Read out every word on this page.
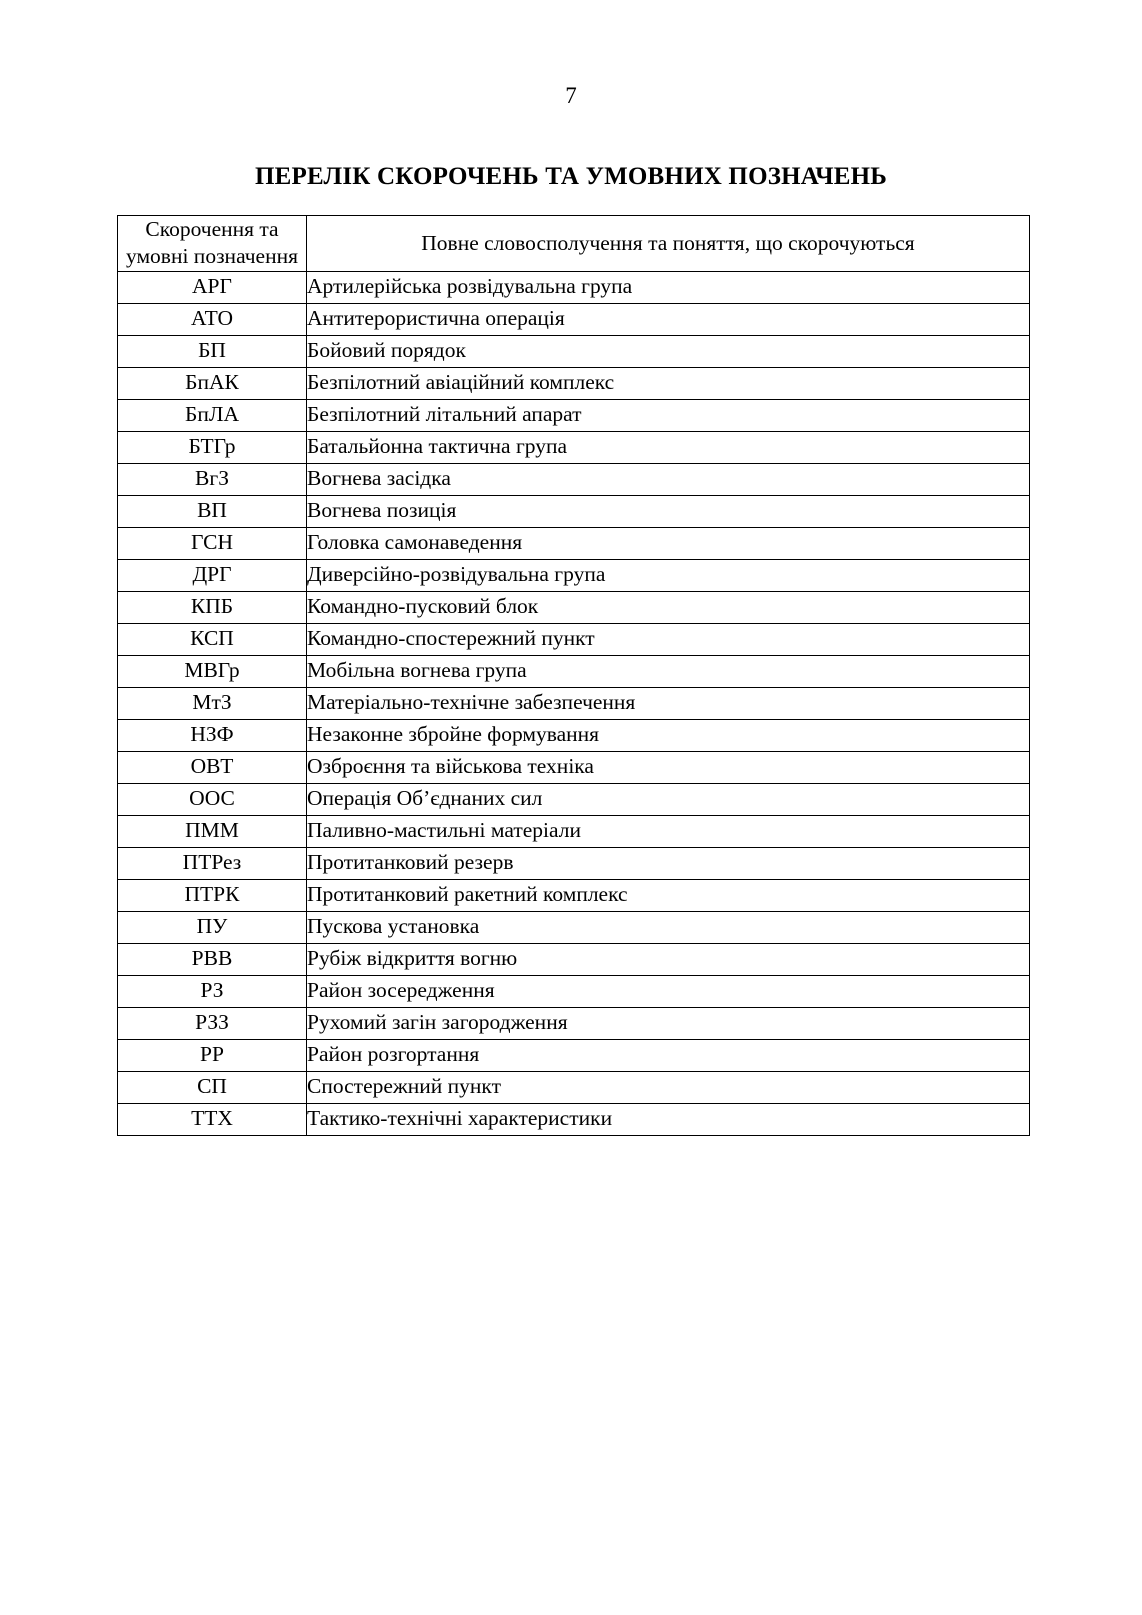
7
ПЕРЕЛІК СКОРОЧЕНЬ ТА УМОВНИХ ПОЗНАЧЕНЬ
Скорочення та умовні позначення	Повне словосполучення та поняття, що скорочуються
АРГ	Артилерійська розвідувальна група
АТО	Антитерористична операція
БП	Бойовий порядок
БпАК	Безпілотний авіаційний комплекс
БпЛА	Безпілотний літальний апарат
БТГр	Батальйонна тактична група
ВгЗ	Вогнева засідка
ВП	Вогнева позиція
ГСН	Головка самонаведення
ДРГ	Диверсійно-розвідувальна група
КПБ	Командно-пусковий блок
КСП	Командно-спостережний пункт
МВГр	Мобільна вогнева група
МтЗ	Матеріально-технічне забезпечення
НЗФ	Незаконне збройне формування
ОВТ	Озброєння та військова техніка
ООС	Операція Об’єднаних сил
ПММ	Паливно-мастильні матеріали
ПТРез	Протитанковий резерв
ПТРК	Протитанковий ракетний комплекс
ПУ	Пускова установка
РВВ	Рубіж відкриття вогню
РЗ	Район зосередження
РЗЗ	Рухомий загін загородження
РР	Район розгортання
СП	Спостережний пункт
ТТХ	Тактико-технічні характеристики
